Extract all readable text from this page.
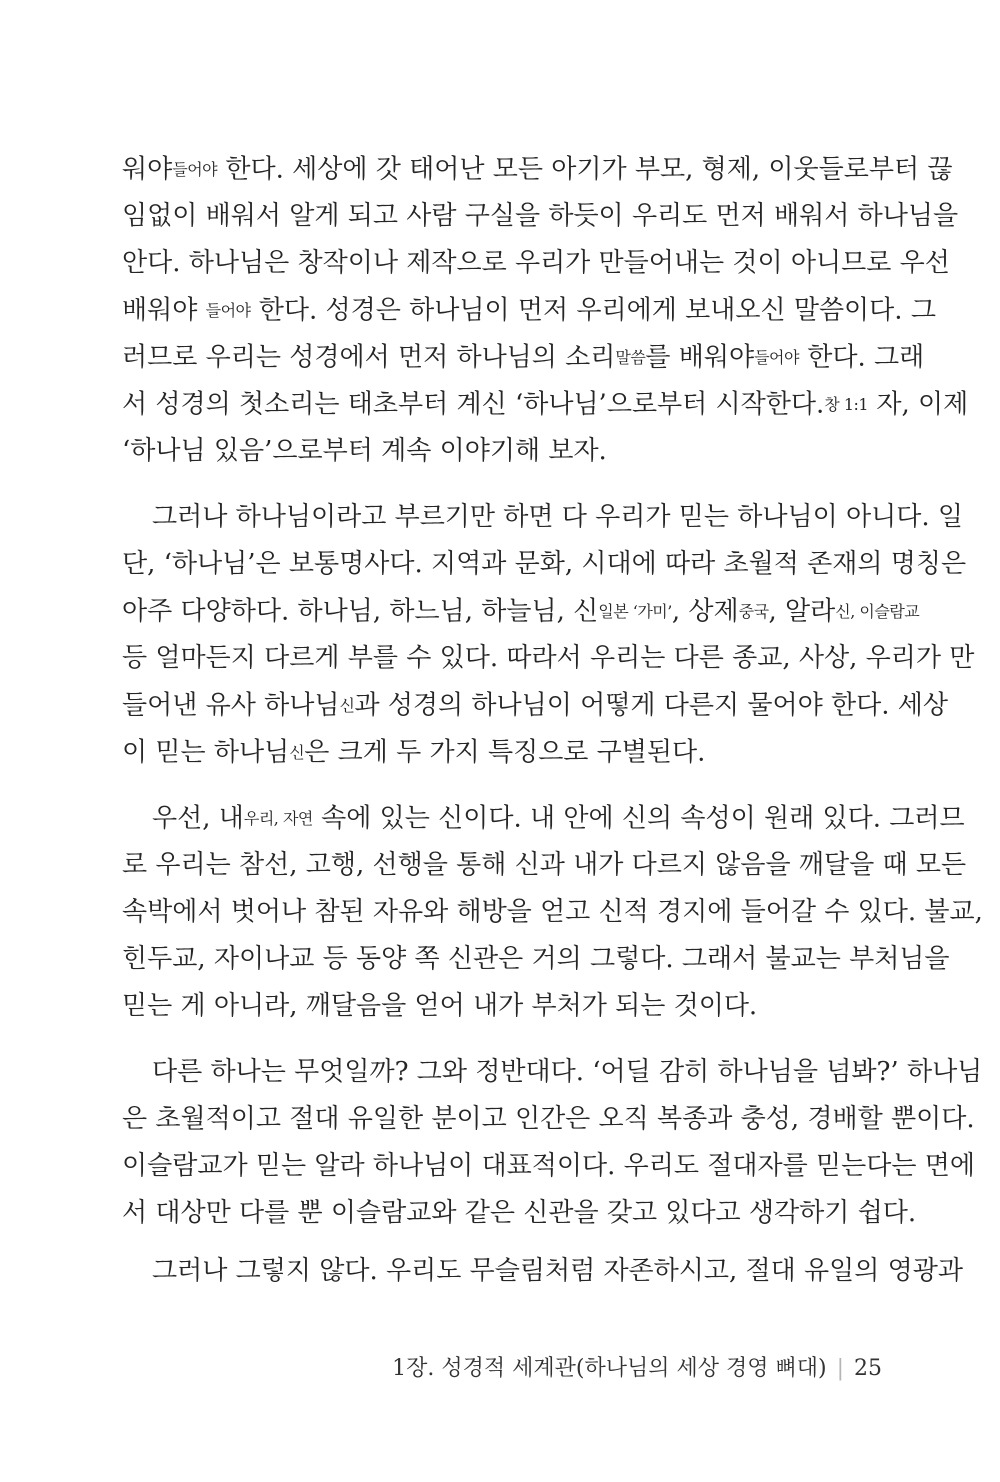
워야들어야 한다. 세상에 갓 태어난 모든 아기가 부모, 형제, 이웃들로부터 끊
임없이 배워서 알게 되고 사람 구실을 하듯이 우리도 먼저 배워서 하나님을
안다. 하나님은 창작이나 제작으로 우리가 만들어내는 것이 아니므로 우선
배워야 들어야 한다. 성경은 하나님이 먼저 우리에게 보내오신 말씀이다. 그
러므로 우리는 성경에서 먼저 하나님의 소리말씀를 배워야들어야 한다. 그래
서 성경의 첫소리는 태초부터 계신 ‘하나님’으로부터 시작한다.창 1:1 자, 이제
‘하나님 있음’으로부터 계속 이야기해 보자.
그러나 하나님이라고 부르기만 하면 다 우리가 믿는 하나님이 아니다. 일
단, ‘하나님’은 보통명사다. 지역과 문화, 시대에 따라 초월적 존재의 명칭은
아주 다양하다. 하나님, 하느님, 하늘님, 신일본 ‘가미’, 상제중국, 알라신, 이슬람교
등 얼마든지 다르게 부를 수 있다. 따라서 우리는 다른 종교, 사상, 우리가 만
들어낸 유사 하나님신과 성경의 하나님이 어떻게 다른지 물어야 한다. 세상
이 믿는 하나님신은 크게 두 가지 특징으로 구별된다.
우선, 내우리, 자연 속에 있는 신이다. 내 안에 신의 속성이 원래 있다. 그러므
로 우리는 참선, 고행, 선행을 통해 신과 내가 다르지 않음을 깨달을 때 모든
속박에서 벗어나 참된 자유와 해방을 얻고 신적 경지에 들어갈 수 있다. 불교,
힌두교, 자이나교 등 동양 쪽 신관은 거의 그렇다. 그래서 불교는 부처님을
믿는 게 아니라, 깨달음을 얻어 내가 부처가 되는 것이다.
다른 하나는 무엇일까? 그와 정반대다. ‘어딜 감히 하나님을 넘봐?’ 하나님
은 초월적이고 절대 유일한 분이고 인간은 오직 복종과 충성, 경배할 뿐이다.
이슬람교가 믿는 알라 하나님이 대표적이다. 우리도 절대자를 믿는다는 면에
서 대상만 다를 뿐 이슬람교와 같은 신관을 갖고 있다고 생각하기 쉽다.
그러나 그렇지 않다. 우리도 무슬림처럼 자존하시고, 절대 유일의 영광과
1장. 성경적 세계관(하나님의 세상 경영 뼈대) | 25
